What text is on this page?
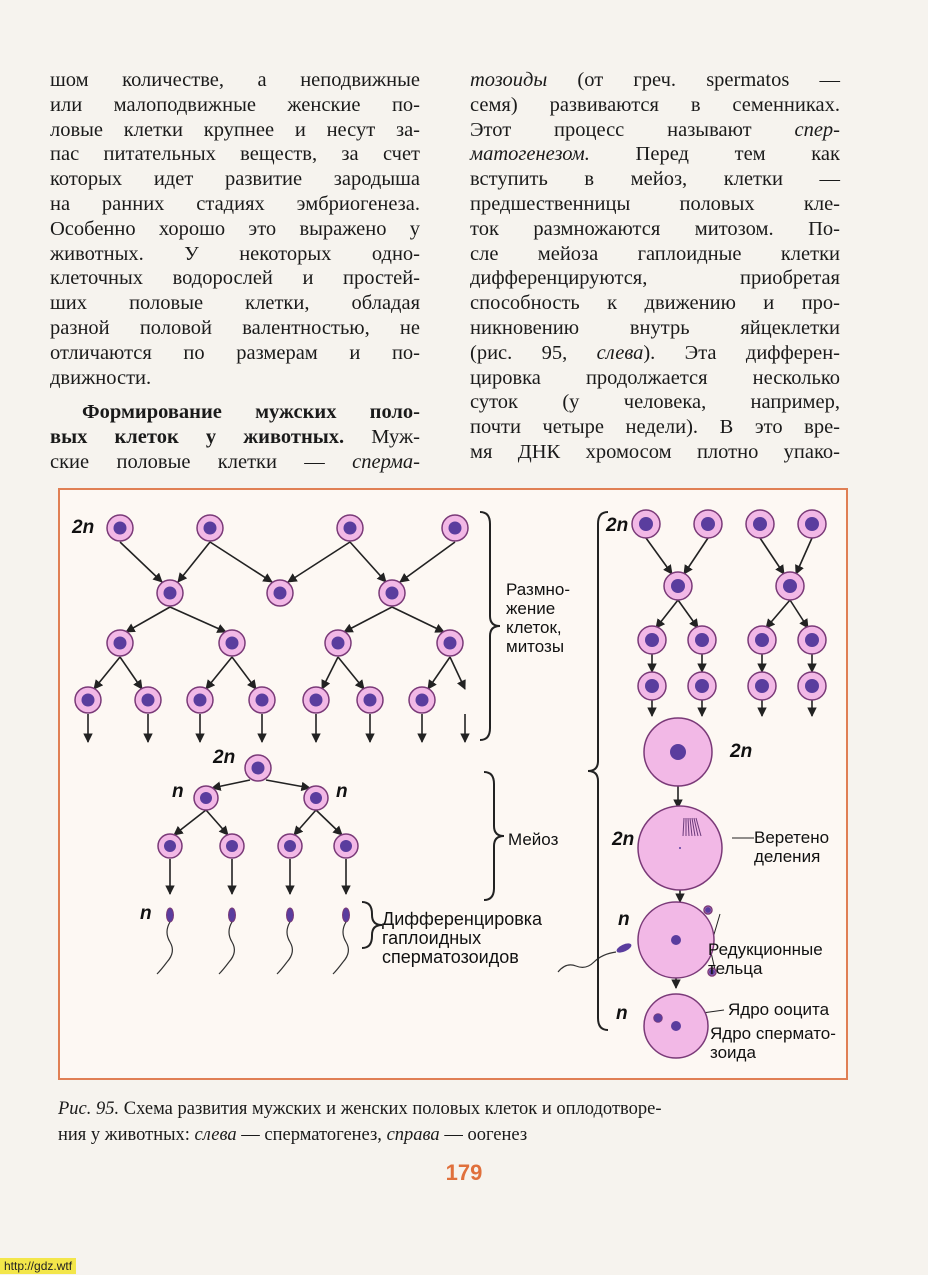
шом количестве, а неподвижные
или малоподвижные женские по-
ловые клетки крупнее и несут за-
пас питательных веществ, за счет
которых идет развитие зародыша
на ранних стадиях эмбриогенеза.
Особенно хорошо это выражено у
животных. У некоторых одно-
клеточных водорослей и простей-
ших половые клетки, обладая
разной половой валентностью, не
отличаются по размерам и по-
движности.
Формирование мужских поло-
вых клеток у животных. Муж-
ские половые клетки — сперма-
тозоиды (от греч. spermatos —
семя) развиваются в семенниках.
Этот процесс называют спер-
матогенезом. Перед тем как
вступить в мейоз, клетки —
предшественницы половых кле-
ток размножаются митозом. По-
сле мейоза гаплоидные клетки
дифференцируются, приобретая
способность к движению и про-
никновению внутрь яйцеклетки
(рис. 95, слева). Эта дифферен-
цировка продолжается несколько
суток (у человека, например,
почти четыре недели). В это вре-
мя ДНК хромосом плотно упако-
2n
2n
n	n
n
Размно-
жение
клеток,
митозы
Мейоз
Дифференцировка
гаплоидных
сперматозоидов
2n
2n
2n
n
n
Веретено
деления
Редукционные
тельца
Ядро ооцита
Ядро спермато-
зоида
Рис. 95. Схема развития мужских и женских половых клеток и оплодотворе-
ния у животных: слева — сперматогенез, справа — оогенез
179
http://gdz.wtf
